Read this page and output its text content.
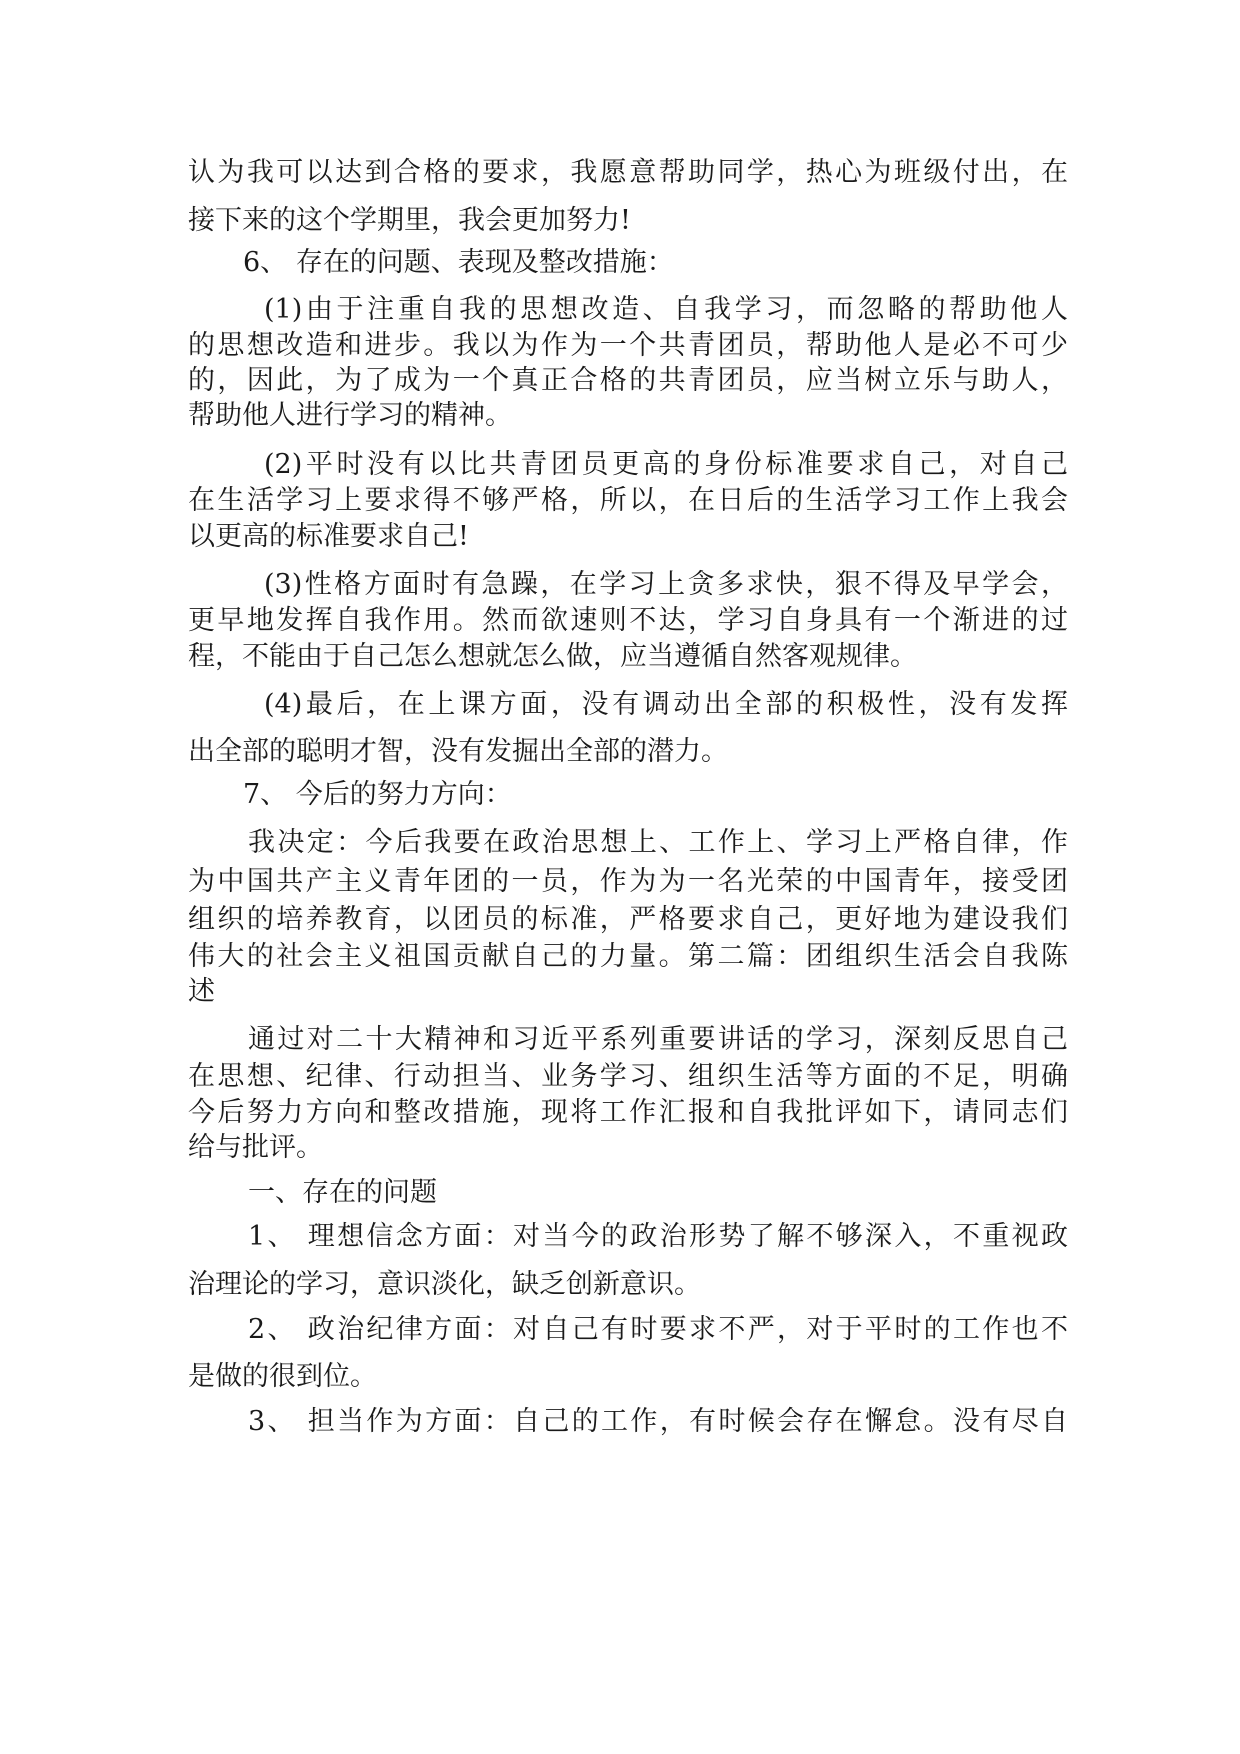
认为我可以达到合格的要求，我愿意帮助同学，热心为班级付出，在

接下来的这个学期里，我会更加努力!

6、 存在的问题、表现及整改措施：

(1)由于注重自我的思想改造、自我学习，而忽略的帮助他人

的思想改造和进步。我以为作为一个共青团员，帮助他人是必不可少

的，因此，为了成为一个真正合格的共青团员，应当树立乐与助人，

帮助他人进行学习的精神。

(2)平时没有以比共青团员更高的身份标准要求自己，对自己

在生活学习上要求得不够严格，所以，在日后的生活学习工作上我会

以更高的标准要求自己!

(3)性格方面时有急躁，在学习上贪多求快，狠不得及早学会，

更早地发挥自我作用。然而欲速则不达，学习自身具有一个渐进的过

程，不能由于自己怎么想就怎么做，应当遵循自然客观规律。

(4)最后，在上课方面，没有调动出全部的积极性，没有发挥

出全部的聪明才智，没有发掘出全部的潜力。

7、 今后的努力方向：

我决定：今后我要在政治思想上、工作上、学习上严格自律，作

为中国共产主义青年团的一员，作为为一名光荣的中国青年，接受团

组织的培养教育，以团员的标准，严格要求自己，更好地为建设我们

伟大的社会主义祖国贡献自己的力量。第二篇：团组织生活会自我陈

述

通过对二十大精神和习近平系列重要讲话的学习，深刻反思自己

在思想、纪律、行动担当、业务学习、组织生活等方面的不足，明确

今后努力方向和整改措施，现将工作汇报和自我批评如下，请同志们

给与批评。

一、存在的问题

1、 理想信念方面：对当今的政治形势了解不够深入，不重视政

治理论的学习，意识淡化，缺乏创新意识。

2、 政治纪律方面：对自己有时要求不严，对于平时的工作也不

是做的很到位。

3、 担当作为方面：自己的工作，有时候会存在懈怠。没有尽自
